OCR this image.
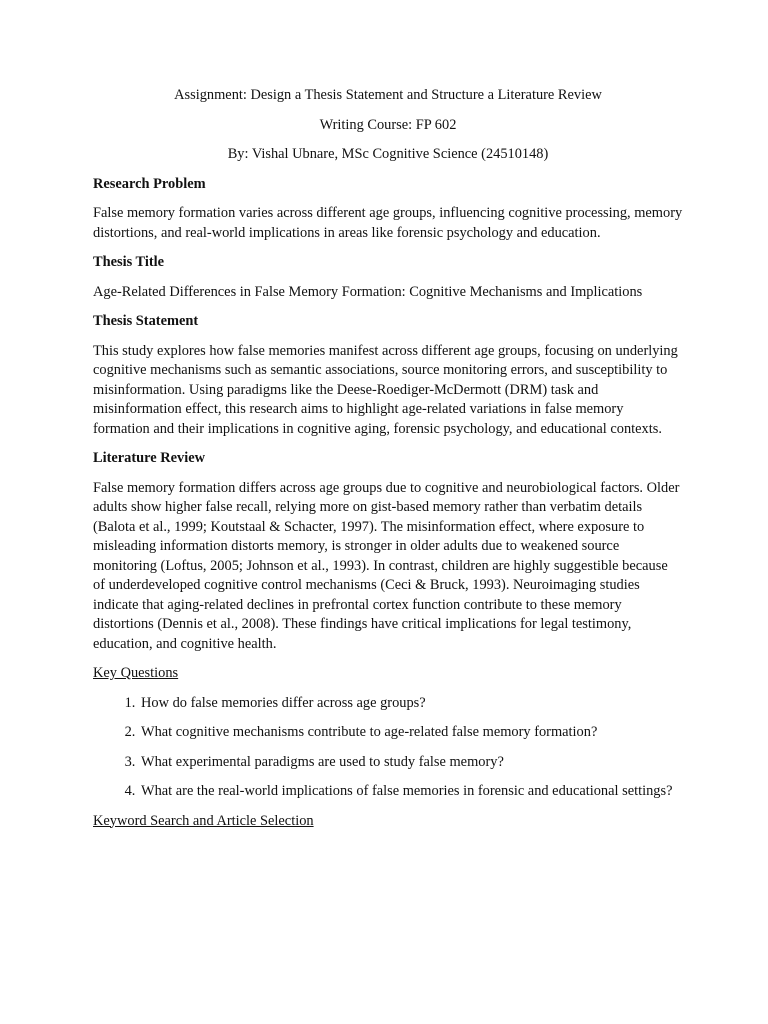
Assignment: Design a Thesis Statement and Structure a Literature Review

Writing Course: FP 602

By: Vishal Ubnare, MSc Cognitive Science (24510148)

Research Problem

False memory formation varies across different age groups, influencing cognitive processing, memory distortions, and real-world implications in areas like forensic psychology and education.

Thesis Title

Age-Related Differences in False Memory Formation: Cognitive Mechanisms and Implications

Thesis Statement

This study explores how false memories manifest across different age groups, focusing on underlying cognitive mechanisms such as semantic associations, source monitoring errors, and susceptibility to misinformation. Using paradigms like the Deese-Roediger-McDermott (DRM) task and misinformation effect, this research aims to highlight age-related variations in false memory formation and their implications in cognitive aging, forensic psychology, and educational contexts.

Literature Review

False memory formation differs across age groups due to cognitive and neurobiological factors. Older adults show higher false recall, relying more on gist-based memory rather than verbatim details (Balota et al., 1999; Koutstaal & Schacter, 1997). The misinformation effect, where exposure to misleading information distorts memory, is stronger in older adults due to weakened source monitoring (Loftus, 2005; Johnson et al., 1993). In contrast, children are highly suggestible because of underdeveloped cognitive control mechanisms (Ceci & Bruck, 1993). Neuroimaging studies indicate that aging-related declines in prefrontal cortex function contribute to these memory distortions (Dennis et al., 2008). These findings have critical implications for legal testimony, education, and cognitive health.

Key Questions

1. How do false memories differ across age groups?
2. What cognitive mechanisms contribute to age-related false memory formation?
3. What experimental paradigms are used to study false memory?
4. What are the real-world implications of false memories in forensic and educational settings?

Keyword Search and Article Selection
